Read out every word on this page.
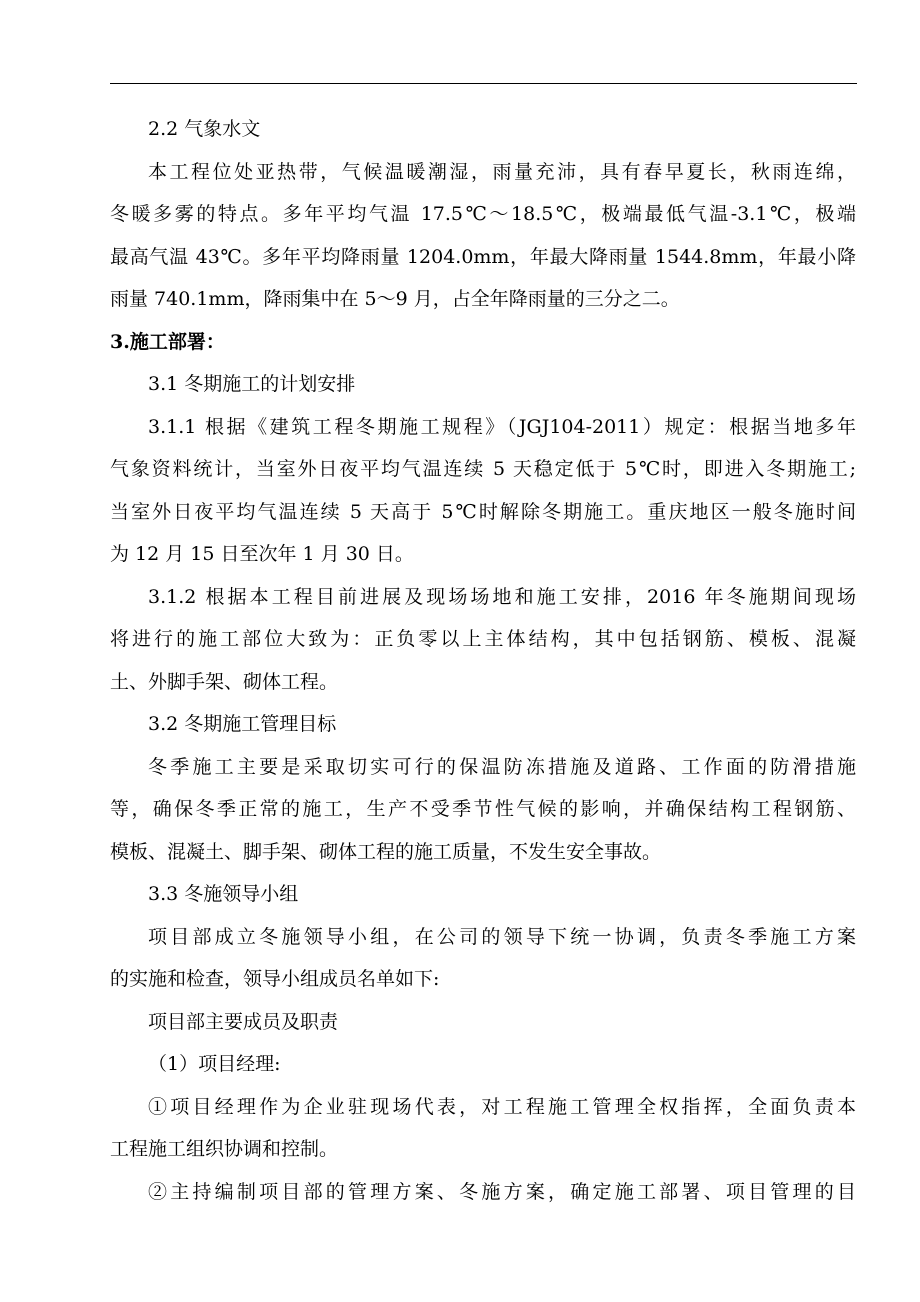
2.2 气象水文
本工程位处亚热带，气候温暖潮湿，雨量充沛，具有春早夏长，秋雨连绵，
冬暖多雾的特点。多年平均气温 17.5℃～18.5℃，极端最低气温-3.1℃，极端
最高气温 43℃。多年平均降雨量 1204.0mm，年最大降雨量 1544.8mm，年最小降
雨量 740.1mm，降雨集中在 5～9 月，占全年降雨量的三分之二。
3.施工部署：
3.1 冬期施工的计划安排
3.1.1 根据《建筑工程冬期施工规程》（JGJ104-2011）规定：根据当地多年
气象资料统计，当室外日夜平均气温连续 5 天稳定低于 5℃时，即进入冬期施工;
当室外日夜平均气温连续 5 天高于 5℃时解除冬期施工。重庆地区一般冬施时间
为 12 月 15 日至次年 1 月 30 日。
3.1.2 根据本工程目前进展及现场场地和施工安排，2016 年冬施期间现场
将进行的施工部位大致为：正负零以上主体结构，其中包括钢筋、模板、混凝
土、外脚手架、砌体工程。
3.2 冬期施工管理目标
冬季施工主要是采取切实可行的保温防冻措施及道路、工作面的防滑措施
等，确保冬季正常的施工，生产不受季节性气候的影响，并确保结构工程钢筋、
模板、混凝土、脚手架、砌体工程的施工质量，不发生安全事故。
3.3 冬施领导小组
项目部成立冬施领导小组，在公司的领导下统一协调，负责冬季施工方案
的实施和检查，领导小组成员名单如下:
项目部主要成员及职责
（1）项目经理:
①项目经理作为企业驻现场代表，对工程施工管理全权指挥，全面负责本
工程施工组织协调和控制。
②主持编制项目部的管理方案、冬施方案，确定施工部署、项目管理的目
